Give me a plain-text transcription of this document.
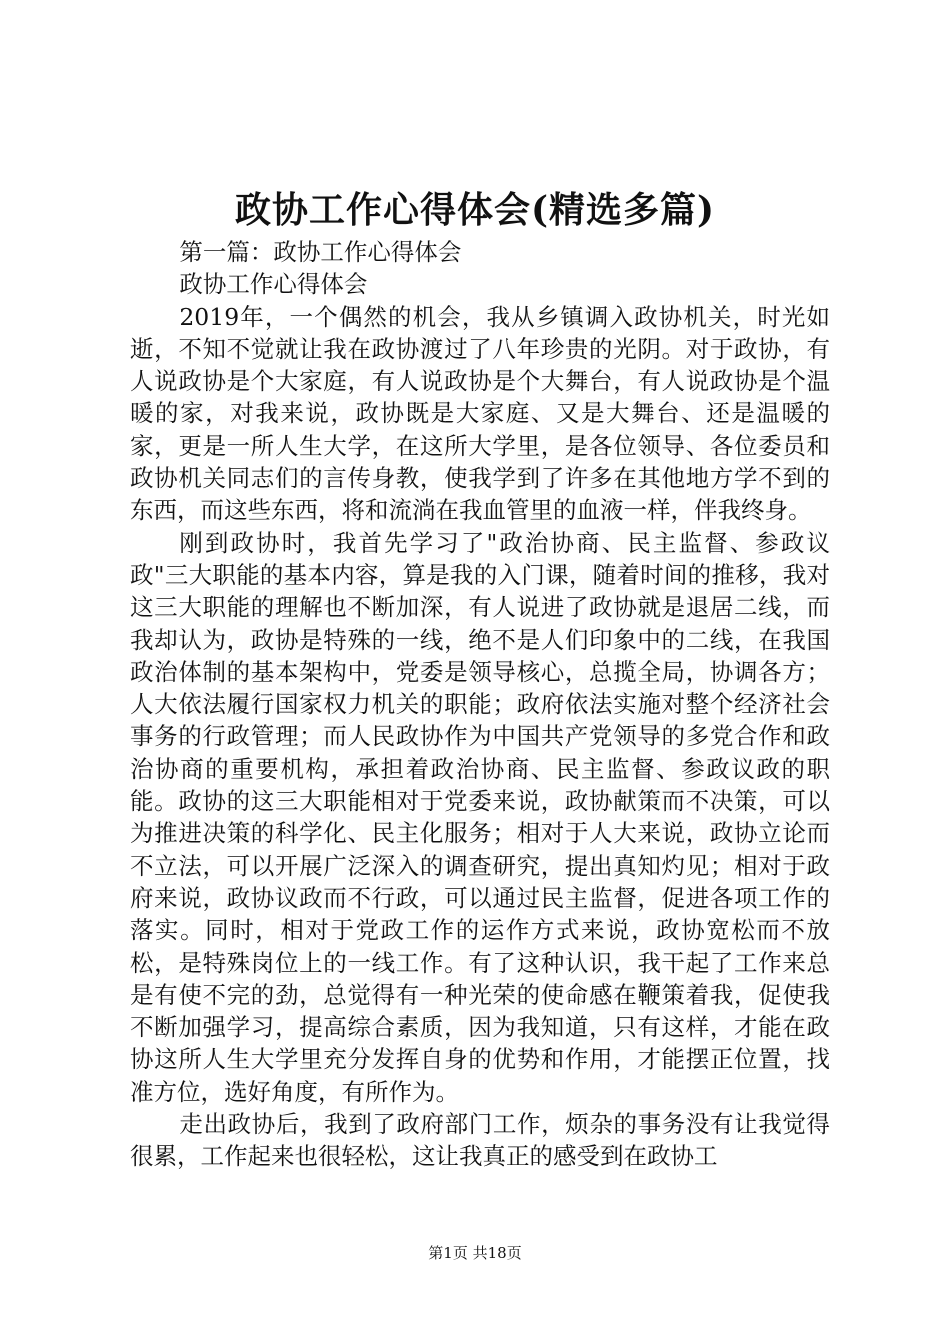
政协工作心得体会(精选多篇)

第一篇：政协工作心得体会

政协工作心得体会

2019年，一个偶然的机会，我从乡镇调入政协机关，时光如逝，不知不觉就让我在政协渡过了八年珍贵的光阴。对于政协，有人说政协是个大家庭，有人说政协是个大舞台，有人说政协是个温暖的家，对我来说，政协既是大家庭、又是大舞台、还是温暖的家，更是一所人生大学，在这所大学里，是各位领导、各位委员和政协机关同志们的言传身教，使我学到了许多在其他地方学不到的东西，而这些东西，将和流淌在我血管里的血液一样，伴我终身。

刚到政协时，我首先学习了"政治协商、民主监督、参政议政"三大职能的基本内容，算是我的入门课，随着时间的推移，我对这三大职能的理解也不断加深，有人说进了政协就是退居二线，而我却认为，政协是特殊的一线，绝不是人们印象中的二线，在我国政治体制的基本架构中，党委是领导核心，总揽全局，协调各方；人大依法履行国家权力机关的职能；政府依法实施对整个经济社会事务的行政管理；而人民政协作为中国共产党领导的多党合作和政治协商的重要机构，承担着政治协商、民主监督、参政议政的职能。政协的这三大职能相对于党委来说，政协献策而不决策，可以为推进决策的科学化、民主化服务；相对于人大来说，政协立论而不立法，可以开展广泛深入的调查研究，提出真知灼见；相对于政府来说，政协议政而不行政，可以通过民主监督，促进各项工作的落实。同时，相对于党政工作的运作方式来说，政协宽松而不放松，是特殊岗位上的一线工作。有了这种认识，我干起了工作来总是有使不完的劲，总觉得有一种光荣的使命感在鞭策着我，促使我不断加强学习，提高综合素质，因为我知道，只有这样，才能在政协这所人生大学里充分发挥自身的优势和作用，才能摆正位置，找准方位，选好角度，有所作为。

走出政协后，我到了政府部门工作，烦杂的事务没有让我觉得很累，工作起来也很轻松，这让我真正的感受到在政协工

第1页 共18页
